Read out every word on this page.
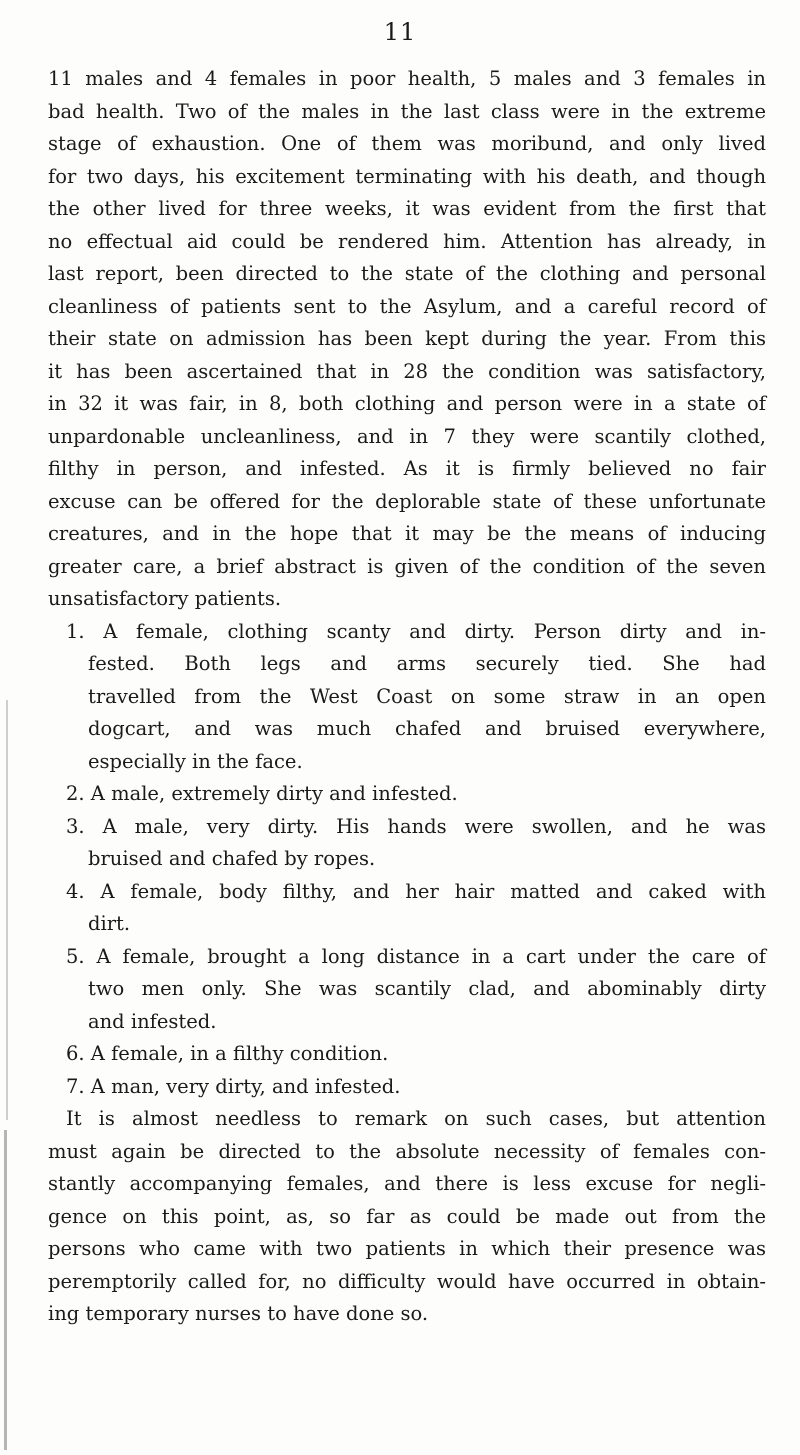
11
11 males and 4 females in poor health, 5 males and 3 females in
bad health. Two of the males in the last class were in the extreme
stage of exhaustion. One of them was moribund, and only lived
for two days, his excitement terminating with his death, and though
the other lived for three weeks, it was evident from the first that
no effectual aid could be rendered him. Attention has already, in
last report, been directed to the state of the clothing and personal
cleanliness of patients sent to the Asylum, and a careful record of
their state on admission has been kept during the year. From this
it has been ascertained that in 28 the condition was satisfactory,
in 32 it was fair, in 8, both clothing and person were in a state of
unpardonable uncleanliness, and in 7 they were scantily clothed,
filthy in person, and infested. As it is firmly believed no fair
excuse can be offered for the deplorable state of these unfortunate
creatures, and in the hope that it may be the means of inducing
greater care, a brief abstract is given of the condition of the seven
unsatisfactory patients.
1. A female, clothing scanty and dirty. Person dirty and in-
fested. Both legs and arms securely tied. She had
travelled from the West Coast on some straw in an open
dogcart, and was much chafed and bruised everywhere,
especially in the face.
2. A male, extremely dirty and infested.
3. A male, very dirty. His hands were swollen, and he was
bruised and chafed by ropes.
4. A female, body filthy, and her hair matted and caked with
dirt.
5. A female, brought a long distance in a cart under the care of
two men only. She was scantily clad, and abominably dirty
and infested.
6. A female, in a filthy condition.
7. A man, very dirty, and infested.
It is almost needless to remark on such cases, but attention
must again be directed to the absolute necessity of females con-
stantly accompanying females, and there is less excuse for negli-
gence on this point, as, so far as could be made out from the
persons who came with two patients in which their presence was
peremptorily called for, no difficulty would have occurred in obtain-
ing temporary nurses to have done so.
